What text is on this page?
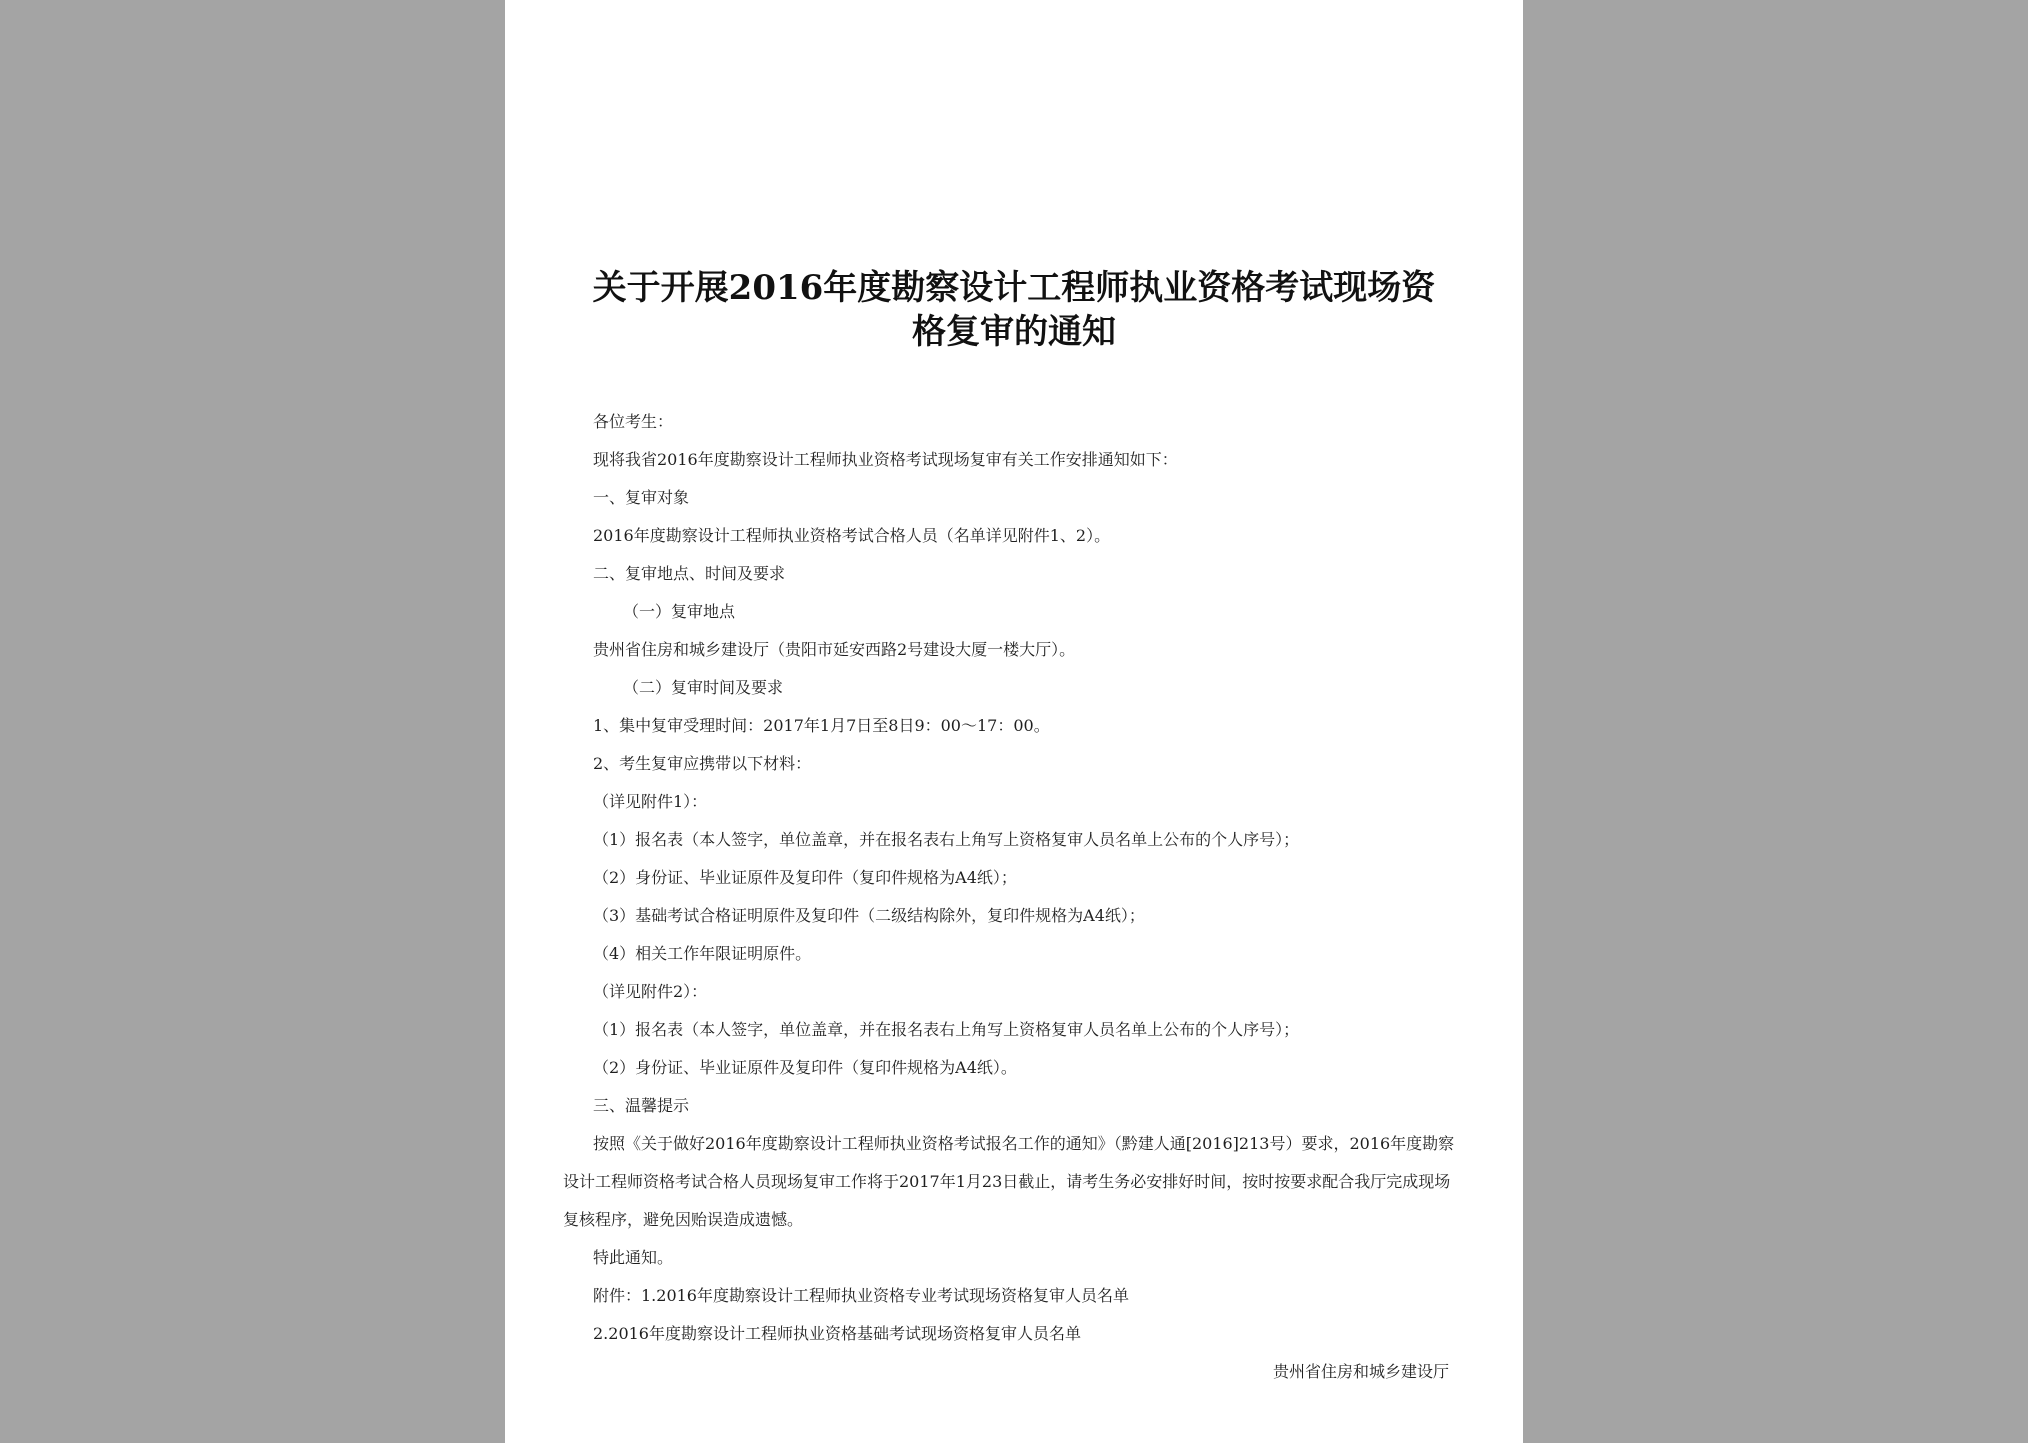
关于开展2016年度勘察设计工程师执业资格考试现场资
格复审的通知
各位考生：
现将我省2016年度勘察设计工程师执业资格考试现场复审有关工作安排通知如下：
一、复审对象
2016年度勘察设计工程师执业资格考试合格人员（名单详见附件1、2）。
二、复审地点、时间及要求
（一）复审地点
贵州省住房和城乡建设厅（贵阳市延安西路2号建设大厦一楼大厅）。
（二）复审时间及要求
1、集中复审受理时间：2017年1月7日至8日9：00～17：00。
2、考生复审应携带以下材料：
（详见附件1）：
（1）报名表（本人签字，单位盖章，并在报名表右上角写上资格复审人员名单上公布的个人序号）；
（2）身份证、毕业证原件及复印件（复印件规格为A4纸）；
（3）基础考试合格证明原件及复印件（二级结构除外，复印件规格为A4纸）；
（4）相关工作年限证明原件。
（详见附件2）：
（1）报名表（本人签字，单位盖章，并在报名表右上角写上资格复审人员名单上公布的个人序号）；
（2）身份证、毕业证原件及复印件（复印件规格为A4纸）。
三、温馨提示
按照《关于做好2016年度勘察设计工程师执业资格考试报名工作的通知》（黔建人通[2016]213号）要求，2016年度勘察
设计工程师资格考试合格人员现场复审工作将于2017年1月23日截止，请考生务必安排好时间，按时按要求配合我厅完成现场
复核程序，避免因贻误造成遗憾。
特此通知。
附件：1.2016年度勘察设计工程师执业资格专业考试现场资格复审人员名单
2.2016年度勘察设计工程师执业资格基础考试现场资格复审人员名单
贵州省住房和城乡建设厅
